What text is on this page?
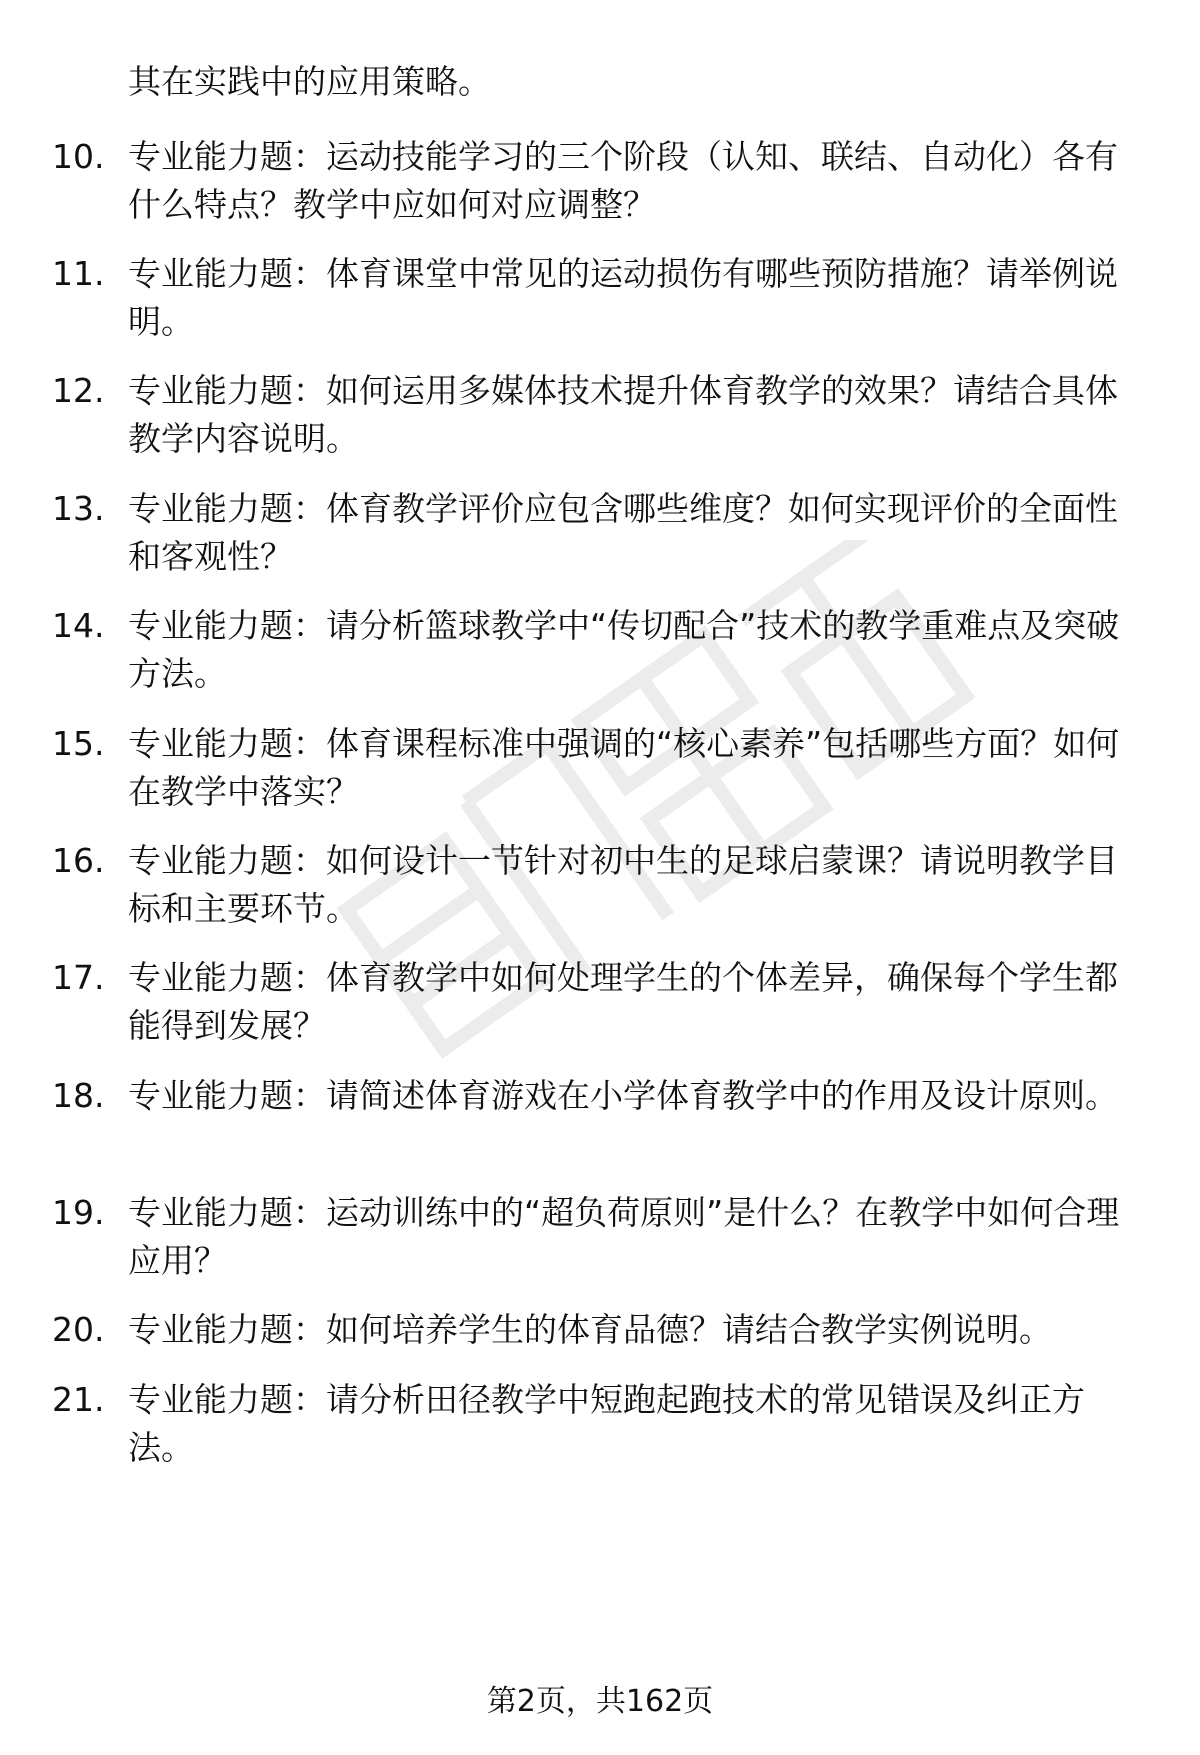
其在实践中的应用策略。
10. 专业能力题：运动技能学习的三个阶段（认知、联结、自动化）各有什么特点？教学中应如何对应调整？
11. 专业能力题：体育课堂中常见的运动损伤有哪些预防措施？请举例说明。
12. 专业能力题：如何运用多媒体技术提升体育教学的效果？请结合具体教学内容说明。
13. 专业能力题：体育教学评价应包含哪些维度？如何实现评价的全面性和客观性？
14. 专业能力题：请分析篮球教学中“传切配合”技术的教学重难点及突破方法。
15. 专业能力题：体育课程标准中强调的“核心素养”包括哪些方面？如何在教学中落实？
16. 专业能力题：如何设计一节针对初中生的足球启蒙课？请说明教学目标和主要环节。
17. 专业能力题：体育教学中如何处理学生的个体差异，确保每个学生都能得到发展？
18. 专业能力题：请简述体育游戏在小学体育教学中的作用及设计原则。
19. 专业能力题：运动训练中的“超负荷原则”是什么？在教学中如何合理应用？
20. 专业能力题：如何培养学生的体育品德？请结合教学实例说明。
21. 专业能力题：请分析田径教学中短跑起跑技术的常见错误及纠正方法。
第2页，共162页
